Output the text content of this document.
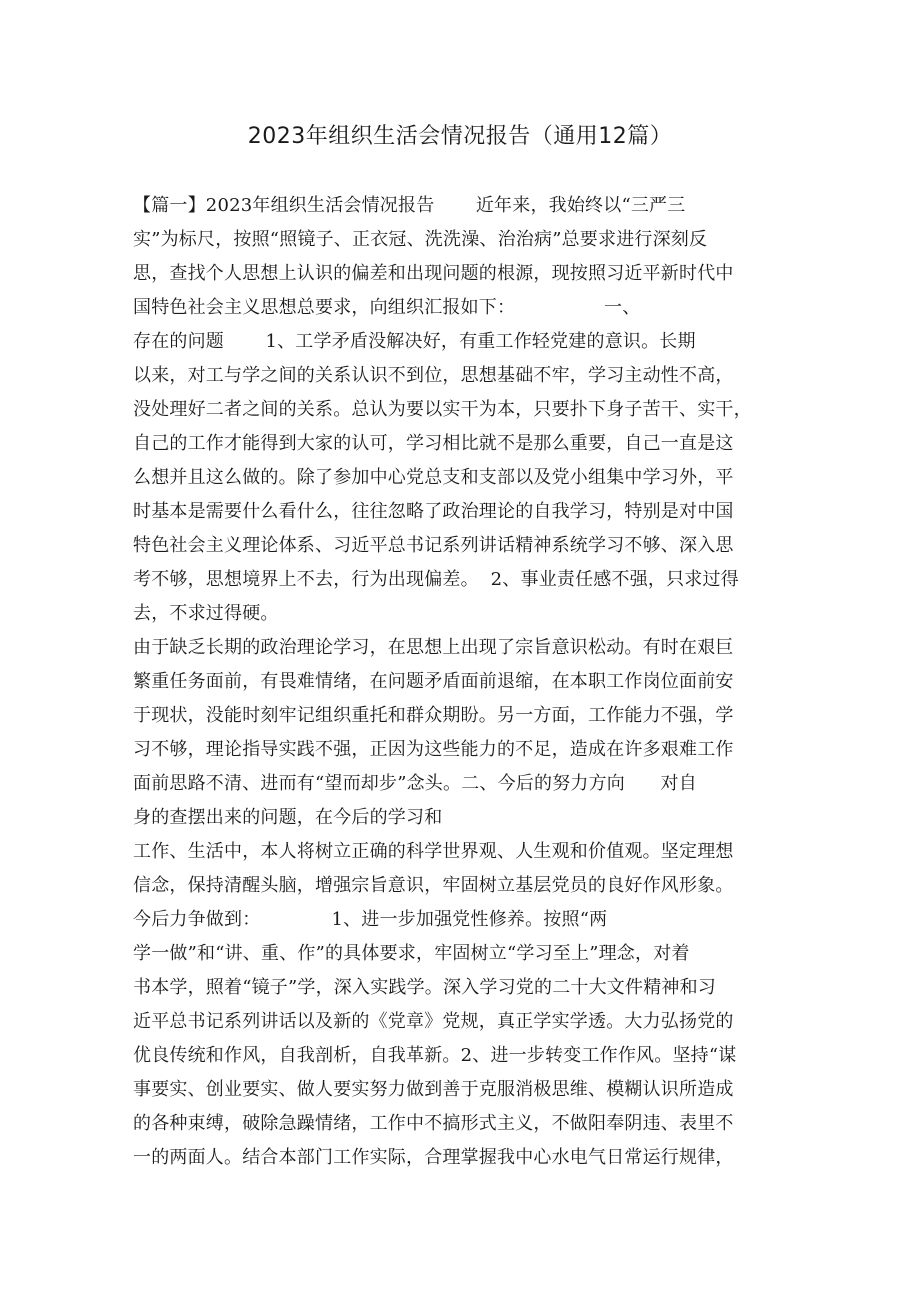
2023年组织生活会情况报告（通用12篇）
【篇一】2023年组织生活会情况报告       近年来，我始终以“三严三
实”为标尺，按照“照镜子、正衣冠、洗洗澡、治治病”总要求进行深刻反
思，查找个人思想上认识的偏差和出现问题的根源，现按照习近平新时代中
国特色社会主义思想总要求，向组织汇报如下：               一、
存在的问题       1、工学矛盾没解决好，有重工作轻党建的意识。长期
以来，对工与学之间的关系认识不到位，思想基础不牢，学习主动性不高，
没处理好二者之间的关系。总认为要以实干为本，只要扑下身子苦干、实干，
自己的工作才能得到大家的认可，学习相比就不是那么重要，自己一直是这
么想并且这么做的。除了参加中心党总支和支部以及党小组集中学习外，平
时基本是需要什么看什么，往往忽略了政治理论的自我学习，特别是对中国
特色社会主义理论体系、习近平总书记系列讲话精神系统学习不够、深入思
考不够，思想境界上不去，行为出现偏差。  2、事业责任感不强，只求过得
去，不求过得硬。
由于缺乏长期的政治理论学习，在思想上出现了宗旨意识松动。有时在艰巨
繁重任务面前，有畏难情绪，在问题矛盾面前退缩，在本职工作岗位面前安
于现状，没能时刻牢记组织重托和群众期盼。另一方面，工作能力不强，学
习不够，理论指导实践不强，正因为这些能力的不足，造成在许多艰难工作
面前思路不清、进而有“望而却步”念头。二、今后的努力方向      对自
身的查摆出来的问题，在今后的学习和
工作、生活中，本人将树立正确的科学世界观、人生观和价值观。坚定理想
信念，保持清醒头脑，增强宗旨意识，牢固树立基层党员的良好作风形象。
今后力争做到：            1、进一步加强党性修养。按照“两
学一做”和“讲、重、作”的具体要求，牢固树立“学习至上”理念，对着
书本学，照着“镜子”学，深入实践学。深入学习党的二十大文件精神和习
近平总书记系列讲话以及新的《党章》党规，真正学实学透。大力弘扬党的
优良传统和作风，自我剖析，自我革新。2、进一步转变工作作风。坚持“谋
事要实、创业要实、做人要实努力做到善于克服消极思维、模糊认识所造成
的各种束缚，破除急躁情绪，工作中不搞形式主义，不做阳奉阴违、表里不
一的两面人。结合本部门工作实际，合理掌握我中心水电气日常运行规律，
